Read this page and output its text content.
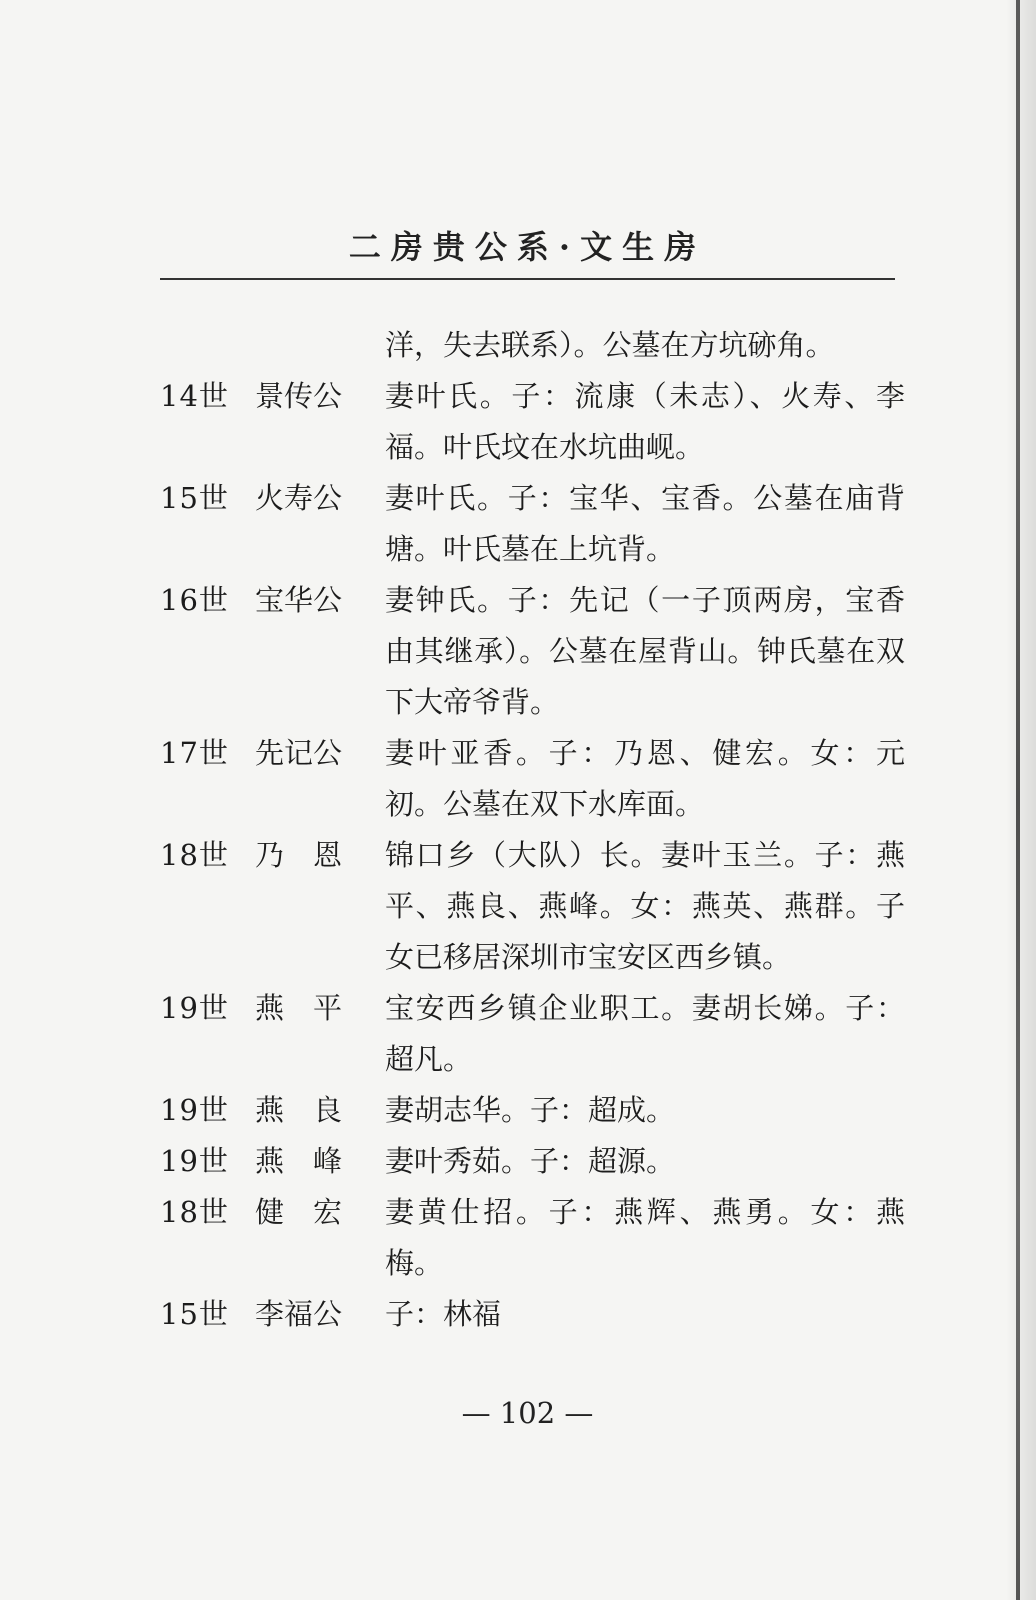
二房贵公系·文生房
洋，失去联系）。公墓在方坑硛角。
14世 景传公	妻叶氏。子：流康（未志）、火寿、李福。叶氏坟在水坑曲岘。
15世 火寿公	妻叶氏。子：宝华、宝香。公墓在庙背塘。叶氏墓在上坑背。
16世 宝华公	妻钟氏。子：先记（一子顶两房，宝香由其继承）。公墓在屋背山。钟氏墓在双下大帝爷背。
17世 先记公	妻叶亚香。子：乃恩、健宏。女：元初。公墓在双下水库面。
18世 乃　恩	锦口乡（大队）长。妻叶玉兰。子：燕平、燕良、燕峰。女：燕英、燕群。子女已移居深圳市宝安区西乡镇。
19世 燕　平	宝安西乡镇企业职工。妻胡长娣。子：超凡。
19世 燕　良	妻胡志华。子：超成。
19世 燕　峰	妻叶秀茹。子：超源。
18世 健　宏	妻黄仕招。子：燕辉、燕勇。女：燕梅。
15世 李福公	子：林福
— 102 —
